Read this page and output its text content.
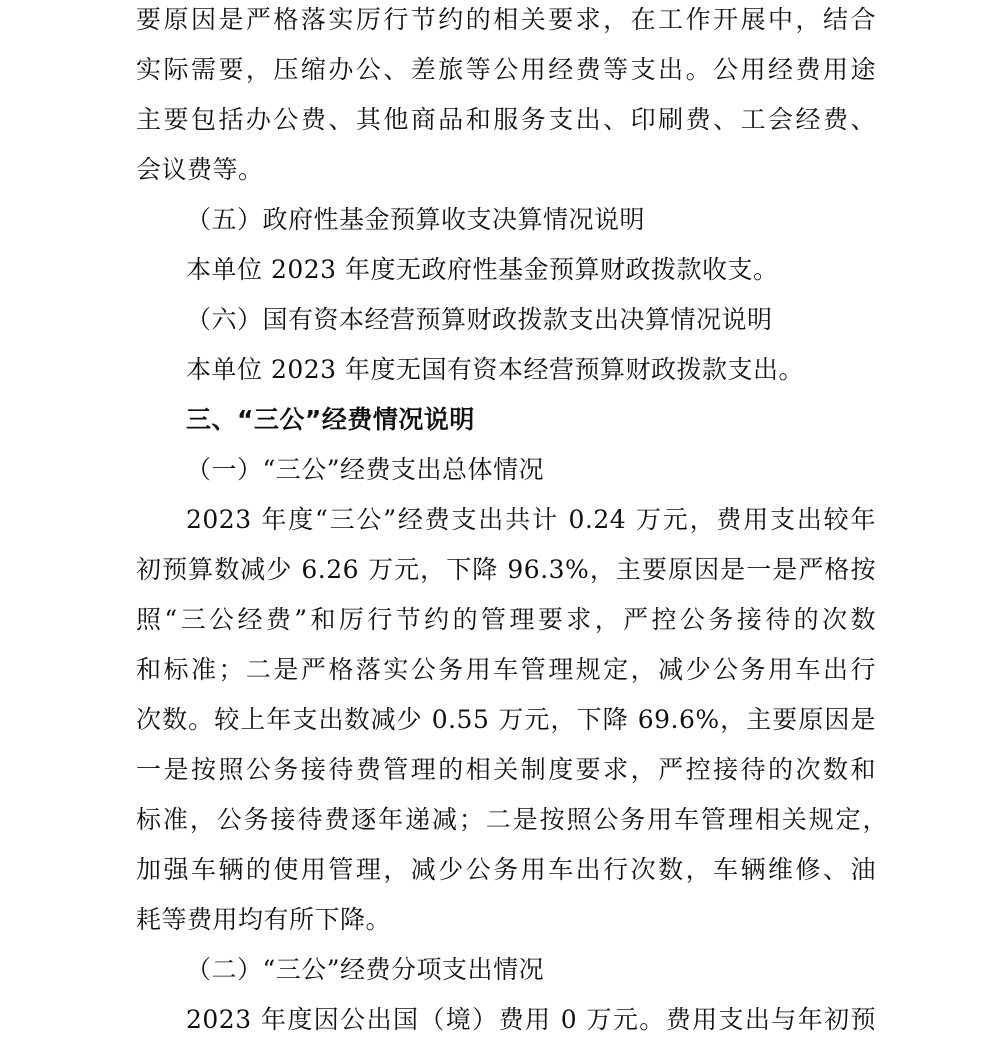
要原因是严格落实厉行节约的相关要求，在工作开展中，结合
实际需要，压缩办公、差旅等公用经费等支出。公用经费用途
主要包括办公费、其他商品和服务支出、印刷费、工会经费、
会议费等。
（五）政府性基金预算收支决算情况说明
本单位 2023 年度无政府性基金预算财政拨款收支。
（六）国有资本经营预算财政拨款支出决算情况说明
本单位 2023 年度无国有资本经营预算财政拨款支出。
三、“三公”经费情况说明
（一）“三公”经费支出总体情况
2023 年度“三公”经费支出共计 0.24 万元，费用支出较年
初预算数减少 6.26 万元，下降 96.3%，主要原因是一是严格按
照“三公经费”和厉行节约的管理要求，严控公务接待的次数
和标准；二是严格落实公务用车管理规定，减少公务用车出行
次数。较上年支出数减少 0.55 万元，下降 69.6%，主要原因是
一是按照公务接待费管理的相关制度要求，严控接待的次数和
标准，公务接待费逐年递减；二是按照公务用车管理相关规定，
加强车辆的使用管理，减少公务用车出行次数，车辆维修、油
耗等费用均有所下降。
（二）“三公”经费分项支出情况
2023 年度因公出国（境）费用 0 万元。费用支出与年初预
